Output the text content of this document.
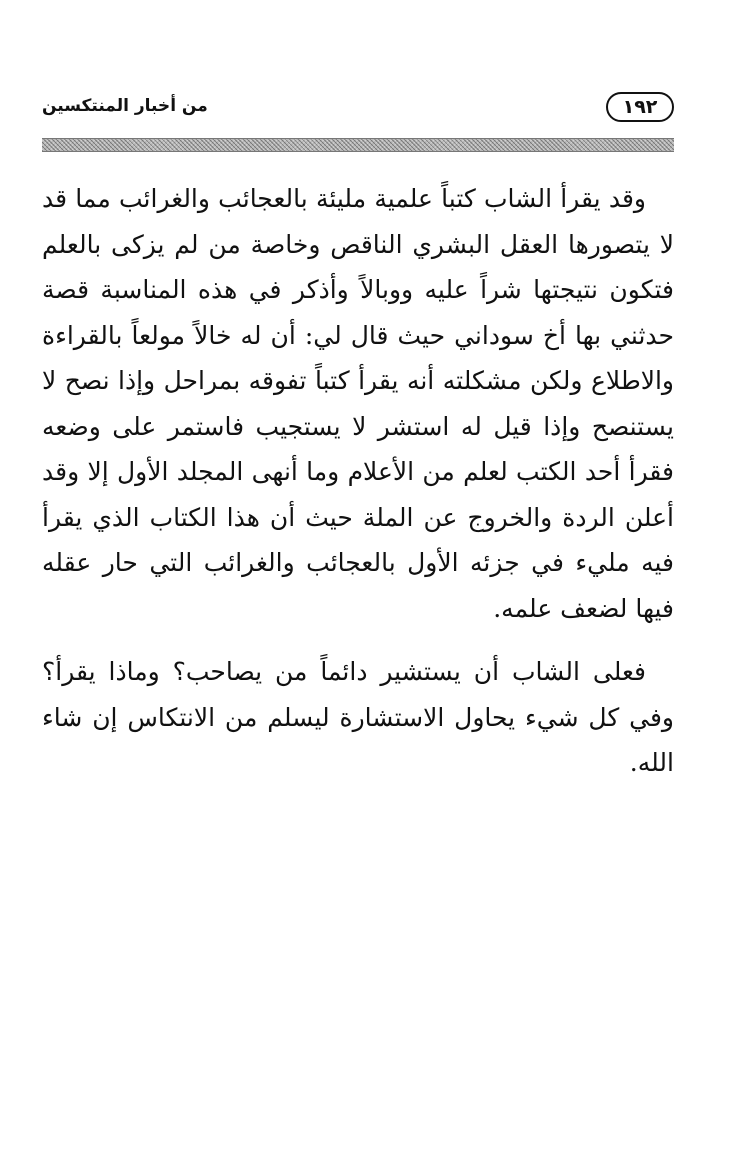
١٩٢
من أخبار المنتكسين

وقد يقرأ الشاب كتباً علمية مليئة بالعجائب والغرائب مما قد لا يتصورها العقل البشري الناقص وخاصة من لم يزكى بالعلم فتكون نتيجتها شراً عليه ووبالاً وأذكر في هذه المناسبة قصة حدثني بها أخ سوداني حيث قال لي: أن له خالاً مولعاً بالقراءة والاطلاع ولكن مشكلته أنه يقرأ كتباً تفوقه بمراحل وإذا نصح لا يستنصح وإذا قيل له استشر لا يستجيب فاستمر على وضعه فقرأ أحد الكتب لعلم من الأعلام وما أنهى المجلد الأول إلا وقد أعلن الردة والخروج عن الملة حيث أن هذا الكتاب الذي يقرأ فيه مليء في جزئه الأول بالعجائب والغرائب التي حار عقله فيها لضعف علمه.

فعلى الشاب أن يستشير دائماً من يصاحب؟ وماذا يقرأ؟ وفي كل شيء يحاول الاستشارة ليسلم من الانتكاس إن شاء الله.
